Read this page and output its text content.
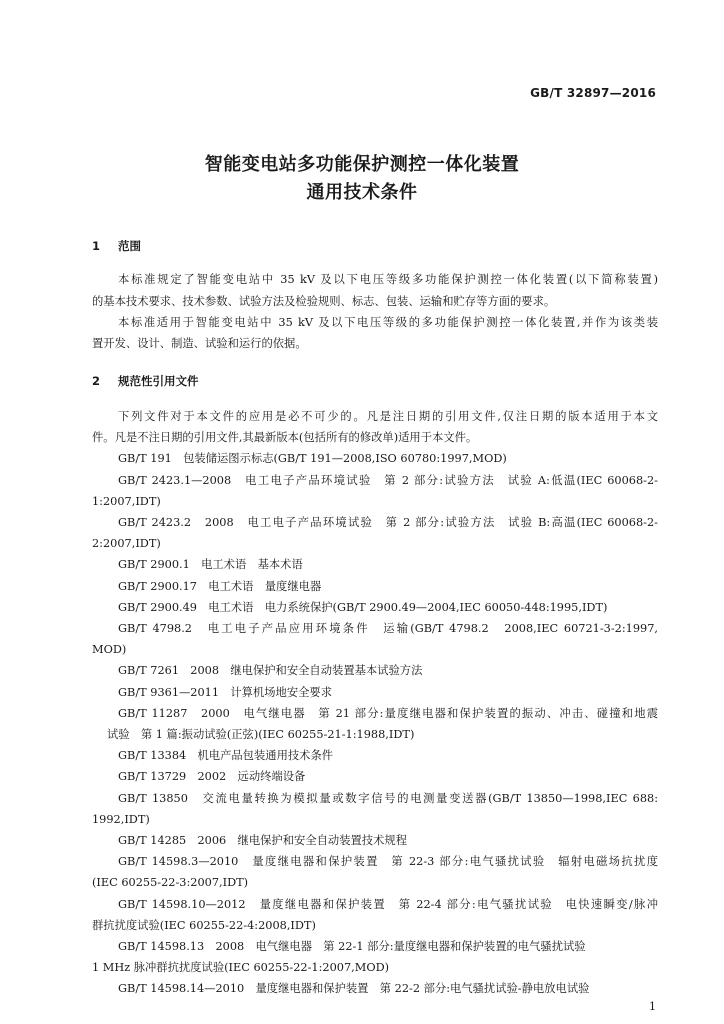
GB/T 32897—2016
智能变电站多功能保护测控一体化装置
通用技术条件
1 范围
本标准规定了智能变电站中 35 kV 及以下电压等级多功能保护测控一体化装置(以下简称装置)
的基本技术要求、技术参数、试验方法及检验规则、标志、包装、运输和贮存等方面的要求。
本标准适用于智能变电站中 35 kV 及以下电压等级的多功能保护测控一体化装置,并作为该类装
置开发、设计、制造、试验和运行的依据。
2 规范性引用文件
下列文件对于本文件的应用是必不可少的。凡是注日期的引用文件,仅注日期的版本适用于本文
件。凡是不注日期的引用文件,其最新版本(包括所有的修改单)适用于本文件。
GB/T 191　包装储运图示标志(GB/T 191—2008,ISO 60780:1997,MOD)
GB/T 2423.1—2008　电工电子产品环境试验　第 2 部分:试验方法　试验 A:低温(IEC 60068-2-
1:2007,IDT)
GB/T 2423.2　2008　电工电子产品环境试验　第 2 部分:试验方法　试验 B:高温(IEC 60068-2-
2:2007,IDT)
GB/T 2900.1　电工术语　基本术语
GB/T 2900.17　电工术语　量度继电器
GB/T 2900.49　电工术语　电力系统保护(GB/T 2900.49—2004,IEC 60050-448:1995,IDT)
GB/T 4798.2　电工电子产品应用环境条件　运输(GB/T 4798.2　2008,IEC 60721-3-2:1997,
MOD)
GB/T 7261　2008　继电保护和安全自动装置基本试验方法
GB/T 9361—2011　计算机场地安全要求
GB/T 11287　2000　电气继电器　第 21 部分:量度继电器和保护装置的振动、冲击、碰撞和地震
试验　第 1 篇:振动试验(正弦)(IEC 60255-21-1:1988,IDT)
GB/T 13384　机电产品包装通用技术条件
GB/T 13729　2002　远动终端设备
GB/T 13850　交流电量转换为模拟量或数字信号的电测量变送器(GB/T 13850—1998,IEC 688:
1992,IDT)
GB/T 14285　2006　继电保护和安全自动装置技术规程
GB/T 14598.3—2010　量度继电器和保护装置　第 22-3 部分:电气骚扰试验　辐射电磁场抗扰度
(IEC 60255-22-3:2007,IDT)
GB/T 14598.10—2012　量度继电器和保护装置　第 22-4 部分:电气骚扰试验　电快速瞬变/脉冲
群抗扰度试验(IEC 60255-22-4:2008,IDT)
GB/T 14598.13　2008　电气继电器　第 22-1 部分:量度继电器和保护装置的电气骚扰试验
1 MHz 脉冲群抗扰度试验(IEC 60255-22-1:2007,MOD)
GB/T 14598.14—2010　量度继电器和保护装置　第 22-2 部分:电气骚扰试验-静电放电试验
1
